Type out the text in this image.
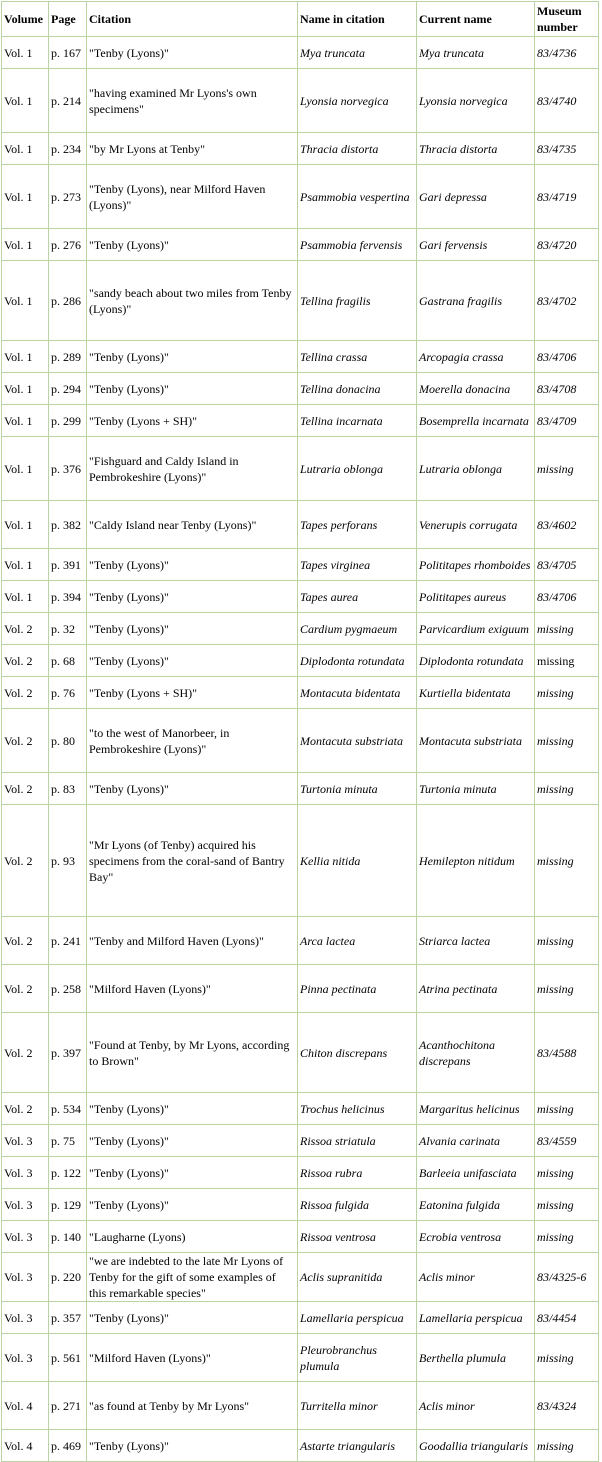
Volume	Page	Citation	Name in citation	Current name	Museum number
Vol. 1	p. 167	"Tenby (Lyons)"	Mya truncata	Mya truncata	83/4736
Vol. 1	p. 214	"having examined Mr Lyons's own specimens"	Lyonsia norvegica	Lyonsia norvegica	83/4740
Vol. 1	p. 234	"by Mr Lyons at Tenby"	Thracia distorta	Thracia distorta	83/4735
Vol. 1	p. 273	"Tenby (Lyons), near Milford Haven (Lyons)"	Psammobia vespertina	Gari depressa	83/4719
Vol. 1	p. 276	"Tenby (Lyons)"	Psammobia fervensis	Gari fervensis	83/4720
Vol. 1	p. 286	"sandy beach about two miles from Tenby (Lyons)"	Tellina fragilis	Gastrana fragilis	83/4702
Vol. 1	p. 289	"Tenby (Lyons)"	Tellina crassa	Arcopagia crassa	83/4706
Vol. 1	p. 294	"Tenby (Lyons)"	Tellina donacina	Moerella donacina	83/4708
Vol. 1	p. 299	"Tenby (Lyons + SH)"	Tellina incarnata	Bosemprella incarnata	83/4709
Vol. 1	p. 376	"Fishguard and Caldy Island in Pembrokeshire (Lyons)"	Lutraria oblonga	Lutraria oblonga	missing
Vol. 1	p. 382	"Caldy Island near Tenby (Lyons)"	Tapes perforans	Venerupis corrugata	83/4602
Vol. 1	p. 391	"Tenby (Lyons)"	Tapes virginea	Polititapes rhomboides	83/4705
Vol. 1	p. 394	"Tenby (Lyons)"	Tapes aurea	Polititapes aureus	83/4706
Vol. 2	p. 32	"Tenby (Lyons)"	Cardium pygmaeum	Parvicardium exiguum	missing
Vol. 2	p. 68	"Tenby (Lyons)"	Diplodonta rotundata	Diplodonta rotundata	missing
Vol. 2	p. 76	"Tenby (Lyons + SH)"	Montacuta bidentata	Kurtiella bidentata	missing
Vol. 2	p. 80	"to the west of Manorbeer, in Pembrokeshire (Lyons)"	Montacuta substriata	Montacuta substriata	missing
Vol. 2	p. 83	"Tenby (Lyons)"	Turtonia minuta	Turtonia minuta	missing
Vol. 2	p. 93	"Mr Lyons (of Tenby) acquired his specimens from the coral-sand of Bantry Bay"	Kellia nitida	Hemilepton nitidum	missing
Vol. 2	p. 241	"Tenby and Milford Haven (Lyons)"	Arca lactea	Striarca lactea	missing
Vol. 2	p. 258	"Milford Haven (Lyons)"	Pinna pectinata	Atrina pectinata	missing
Vol. 2	p. 397	"Found at Tenby, by Mr Lyons, according to Brown"	Chiton discrepans	Acanthochitona discrepans	83/4588
Vol. 2	p. 534	"Tenby (Lyons)"	Trochus helicinus	Margaritus helicinus	missing
Vol. 3	p. 75	"Tenby (Lyons)"	Rissoa striatula	Alvania carinata	83/4559
Vol. 3	p. 122	"Tenby (Lyons)"	Rissoa rubra	Barleeia unifasciata	missing
Vol. 3	p. 129	"Tenby (Lyons)"	Rissoa fulgida	Eatonina fulgida	missing
Vol. 3	p. 140	"Laugharne (Lyons)	Rissoa ventrosa	Ecrobia ventrosa	missing
Vol. 3	p. 220	"we are indebted to the late Mr Lyons of Tenby for the gift of some examples of this remarkable species"	Aclis supranitida	Aclis minor	83/4325-6
Vol. 3	p. 357	"Tenby (Lyons)"	Lamellaria perspicua	Lamellaria perspicua	83/4454
Vol. 3	p. 561	"Milford Haven (Lyons)"	Pleurobranchus plumula	Berthella plumula	missing
Vol. 4	p. 271	"as found at Tenby by Mr Lyons"	Turritella minor	Aclis minor	83/4324
Vol. 4	p. 469	"Tenby (Lyons)"	Astarte triangularis	Goodallia triangularis	missing
